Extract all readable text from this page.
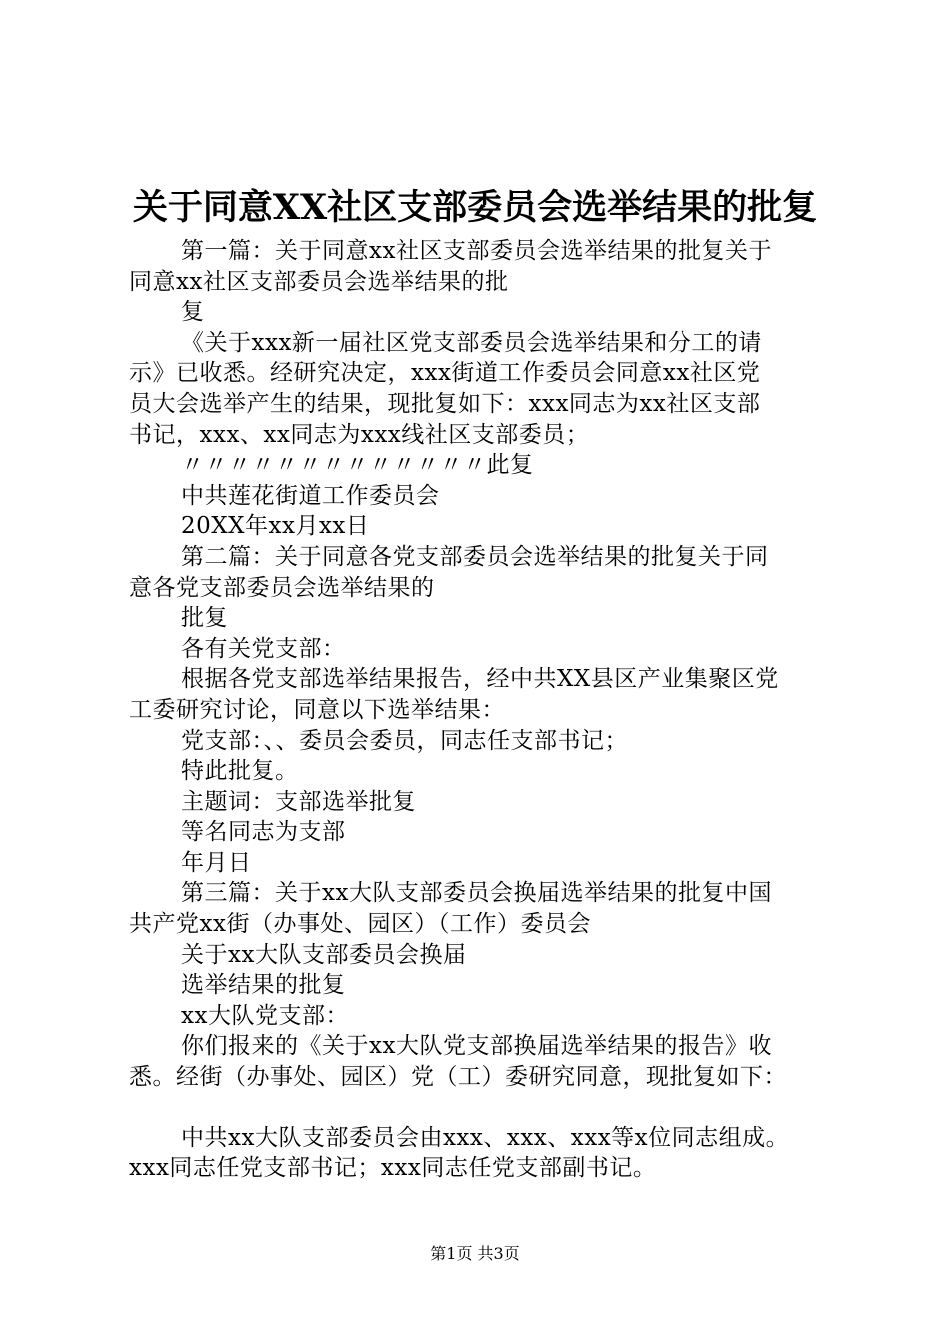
关于同意XX社区支部委员会选举结果的批复
第一篇：关于同意xx社区支部委员会选举结果的批复关于
同意xx社区支部委员会选举结果的批
复
《关于xxx新一届社区党支部委员会选举结果和分工的请
示》已收悉。经研究决定，xxx街道工作委员会同意xx社区党
员大会选举产生的结果，现批复如下：xxx同志为xx社区支部
书记，xxx、xx同志为xxx线社区支部委员；
〃〃〃〃〃〃〃〃〃〃〃〃〃此复
中共莲花街道工作委员会
20XX年xx月xx日
第二篇：关于同意各党支部委员会选举结果的批复关于同
意各党支部委员会选举结果的
批复
各有关党支部：
根据各党支部选举结果报告，经中共XX县区产业集聚区党
工委研究讨论，同意以下选举结果：
党支部：、、委员会委员，同志任支部书记；
特此批复。
主题词：支部选举批复
等名同志为支部
年月日
第三篇：关于xx大队支部委员会换届选举结果的批复中国
共产党xx街（办事处、园区）（工作）委员会
关于xx大队支部委员会换届
选举结果的批复
xx大队党支部：
你们报来的《关于xx大队党支部换届选举结果的报告》收
悉。经街（办事处、园区）党（工）委研究同意，现批复如下：
中共xx大队支部委员会由xxx、xxx、xxx等x位同志组成。
xxx同志任党支部书记；xxx同志任党支部副书记。
第1页 共3页
